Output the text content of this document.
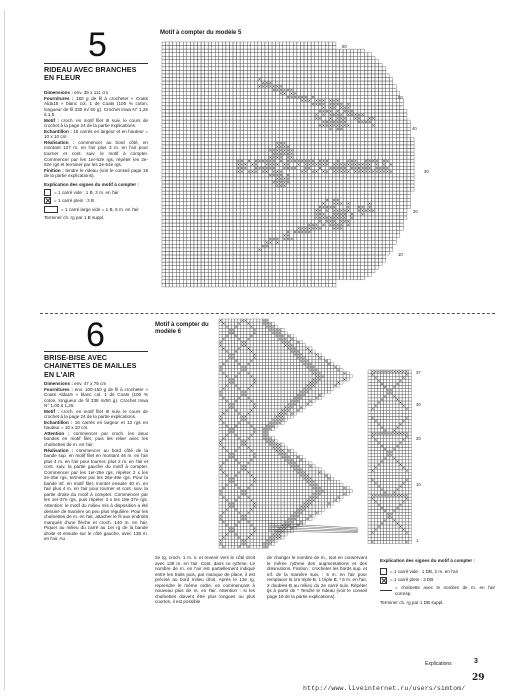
5
RIDEAU AVEC BRANCHES EN FLEUR

Dimensions : env. 39 x 111 cm

Fournitures : 150 g de fil à crocheter « Coats Alda15 » blanc col. 1 de Coats (100 % coton, longueur de fil 330 m/ 50 g). Crochet Inwa N° 1,25 à 1,5.

Motif : croch. en motif filet III suiv. le cours de crochet à la page 24 de la partie explications.

Echantillon : 16 carrés en largeur et en hauteur = 10 x 10 cm.

Réalisation : commencer au bord côté, en montant 127 m. en l'air plus 3 m. en l'air pour tourner et cont. suiv. le motif à compter. Commencer par les 1er-62e rgs, répéter les 2e-62e rgs et terminer par les 2e-54e rgs.

Finition : tendre le rideau (voir le conseil page 19 de la partie explications).

Explication des signes du motif à compter :

= 1 carré vide : 1 B, 2 m. en l'air

= 1 carré plein : 3 B

= 1 carré large vide = 1 B, 5 m. en l'air

Terminer ch. rg par 1 B suppl.

Motif à compter du modèle 5
60
50
40
30
20
10
6
BRISE-BISE AVEC CHAINETTES DE MAILLES EN L'AIR

Dimensions : env. 47 x 75 cm

Fournitures : env. 100-150 g de fil à crocheter « Coats Alda15 » blanc col. 1 de Coats (100 % coton, longueur de fil 338 m/50 g). Crochet Inwa N° 1,00 à 1,25.

Motif : croch. en motif filet III suiv. le cours de crochet à la page 24 de la partie explications.

Echantillon : 16 carrés en largeur et 13 rgs en hauteur = 10 x 10 cm.

Attention : commencer par croch. les deux bandes en motif filet, puis les relier avec les chaînettes de m. en l'air.

Réalisation : commencer au bord côté de la bande sup. en motif filet en montant 46 m. en l'air plus 4 m. en l'air pour tourner, plus 2 m. en l'air et cont. suiv. la partie gauche du motif à compter. Commencer par les 1er-25e rgs, répéter 2 x les 2e-25e rgs, terminer par les 26e-49e rgs. Pour la bande inf. en motif filet, monter ensuite 40 m. en l'air plus 4 m. en l'air pour tourner et cont. suiv. la partie droite du motif à compter. Commencer par les 1er-37e rgs, puis répéter 3 x les 18e-37e rgs. Attention: le motif du milieu mis à disposition a été dessiné de manière un peu plus régulière. Pour les chaînettes de m. en l'air, attacher le fil aux endroits marqués d'une flèche et croch. 140 m. en l'air. Piquer au milieu du carré au 1er rg de la bande droite et ensuite sur le côté gauche, avec 138 m. en l'air. Au

Motif à compter du modèle 6
37
30
20
10
1
2e rg, croch. 1 m. s. et revenir vers le côté droit avec 138 m. en l'air. Cont. dans ce rythme. Le nombre de m. en l'air est partiellement indiqué entre les traits puis, par manque de place, il est précisé au bord milieu droit. Après le 13e rg, reprendre le même ordre, en commençant à nouveau plus de m. en l'air. Attention : si les chaînettes doivent être plus longues ou plus courtes, il est possible
de changer le nombre de m., tout en conservant le même rythme des augmentations et des diminutions. Finition : crocheter les bords sup. et inf. de la manière suiv. : 5 m. en l'air pour remplacer la 1re triple B, 1 triple B, * 6 m. en l'air, 2 doubles-B au milieu du 2e carré suiv. Répéter tjs à partir de * Tendre le rideau (voir le conseil page 19 de la partie explications).

Explication des signes du motif à compter :

= 1 carré vide : 1 DB, 2 m. en l'air

= 1 carré plein : 3 DB

= chaînette avec le nombre de m. en l'air corresp.

Terminer ch. rg par 1 DB suppl.

Explications	3
29
http://www.liveinternet.ru/users/simtom/
